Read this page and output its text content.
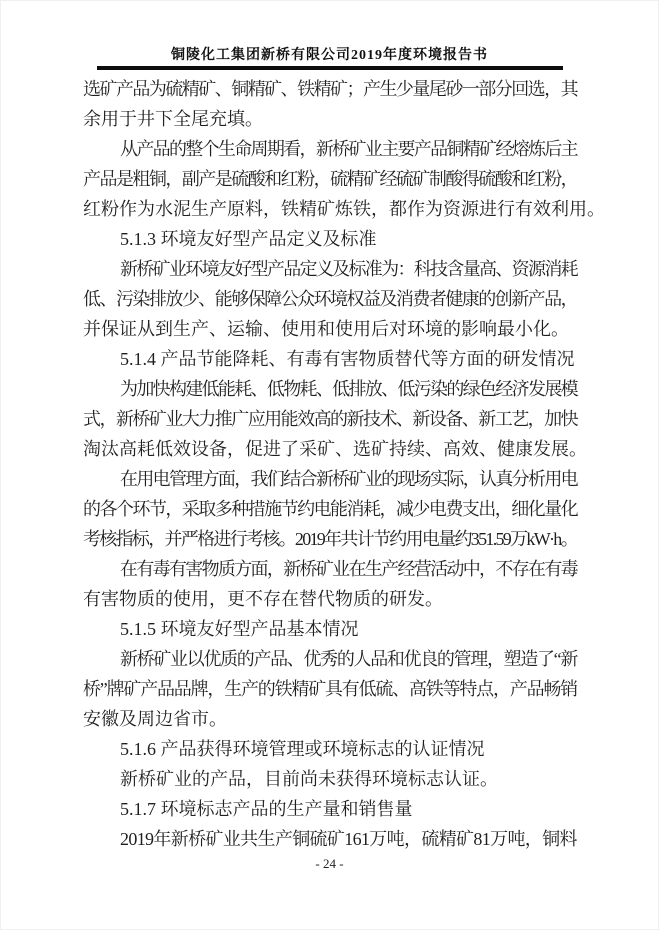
铜陵化工集团新桥有限公司2019年度环境报告书
选矿产品为硫精矿、铜精矿、铁精矿；产生少量尾砂一部分回选，其
余用于井下全尾充填。
从产品的整个生命周期看，新桥矿业主要产品铜精矿经熔炼后主
产品是粗铜，副产是硫酸和红粉，硫精矿经硫矿制酸得硫酸和红粉，
红粉作为水泥生产原料，铁精矿炼铁，都作为资源进行有效利用。
5.1.3 环境友好型产品定义及标准
新桥矿业环境友好型产品定义及标准为：科技含量高、资源消耗
低、污染排放少、能够保障公众环境权益及消费者健康的创新产品，
并保证从到生产、运输、使用和使用后对环境的影响最小化。
5.1.4 产品节能降耗、有毒有害物质替代等方面的研发情况
为加快构建低能耗、低物耗、低排放、低污染的绿色经济发展模
式，新桥矿业大力推广应用能效高的新技术、新设备、新工艺，加快
淘汰高耗低效设备，促进了采矿、选矿持续、高效、健康发展。
在用电管理方面，我们结合新桥矿业的现场实际，认真分析用电
的各个环节，采取多种措施节约电能消耗，减少电费支出，细化量化
考核指标，并严格进行考核。2019年共计节约用电量约351.59万kW·h。
在有毒有害物质方面，新桥矿业在生产经营活动中，不存在有毒
有害物质的使用，更不存在替代物质的研发。
5.1.5 环境友好型产品基本情况
新桥矿业以优质的产品、优秀的人品和优良的管理，塑造了“新
桥”牌矿产品品牌，生产的铁精矿具有低硫、高铁等特点，产品畅销
安徽及周边省市。
5.1.6 产品获得环境管理或环境标志的认证情况
新桥矿业的产品，目前尚未获得环境标志认证。
5.1.7 环境标志产品的生产量和销售量
2019年新桥矿业共生产铜硫矿161万吨，硫精矿81万吨，铜料
- 24 -
